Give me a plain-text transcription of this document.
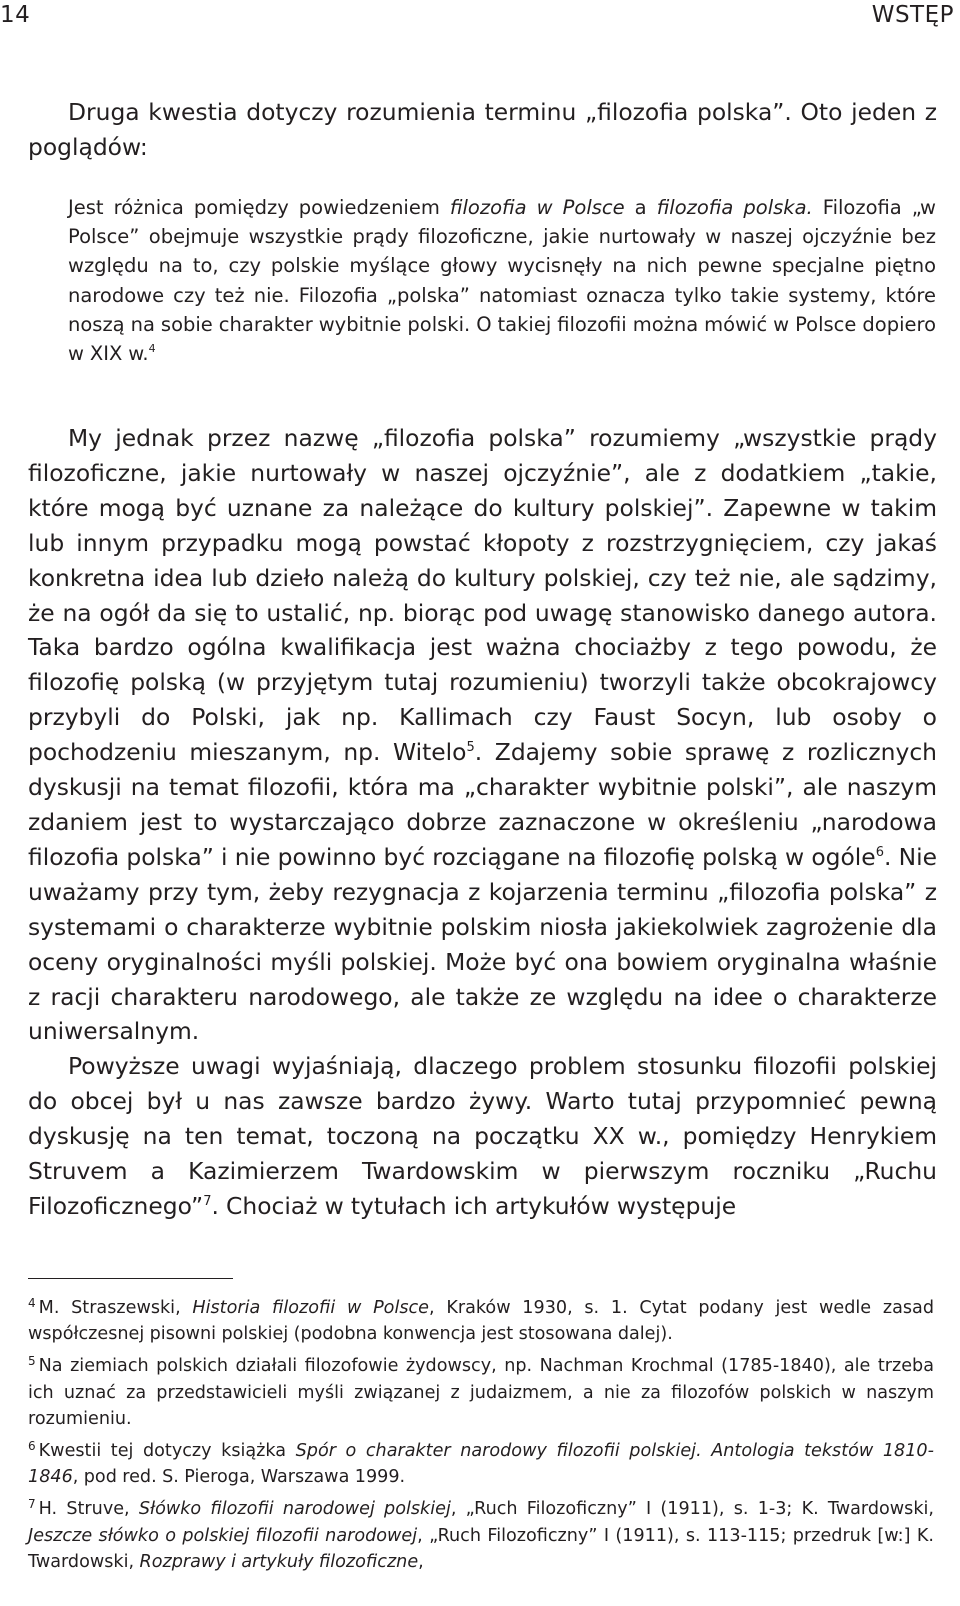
14	WSTĘP

Druga kwestia dotyczy rozumienia terminu „filozofia polska”. Oto jeden z poglądów:

Jest różnica pomiędzy powiedzeniem filozofia w Polsce a filozofia polska. Filozofia „w Polsce” obejmuje wszystkie prądy filozoficzne, jakie nurtowały w naszej ojczyźnie bez względu na to, czy polskie myślące głowy wycisnęły na nich pewne specjalne piętno narodowe czy też nie. Filozofia „polska” natomiast oznacza tylko takie systemy, które noszą na sobie charakter wybitnie polski. O takiej filozofii można mówić w Polsce dopiero w XIX w.$^4$

My jednak przez nazwę „filozofia polska” rozumiemy „wszystkie prądy filozoficzne, jakie nurtowały w naszej ojczyźnie”, ale z dodatkiem „takie, które mogą być uznane za należące do kultury polskiej”. Zapewne w takim lub innym przypadku mogą powstać kłopoty z rozstrzygnięciem, czy jakaś konkretna idea lub dzieło należą do kultury polskiej, czy też nie, ale sądzimy, że na ogół da się to ustalić, np. biorąc pod uwagę stanowisko danego autora. Taka bardzo ogólna kwalifikacja jest ważna chociażby z tego powodu, że filozofię polską (w przyjętym tutaj rozumieniu) tworzyli także obcokrajowcy przybyli do Polski, jak np. Kallimach czy Faust Socyn, lub osoby o pochodzeniu mieszanym, np. Witelo$^5$. Zdajemy sobie sprawę z rozlicznych dyskusji na temat filozofii, która ma „charakter wybitnie polski”, ale naszym zdaniem jest to wystarczająco dobrze zaznaczone w określeniu „narodowa filozofia polska” i nie powinno być rozciągane na filozofię polską w ogóle$^6$. Nie uważamy przy tym, żeby rezygnacja z kojarzenia terminu „filozofia polska” z systemami o charakterze wybitnie polskim niosła jakiekolwiek zagrożenie dla oceny oryginalności myśli polskiej. Może być ona bowiem oryginalna właśnie z racji charakteru narodowego, ale także ze względu na idee o charakterze uniwersalnym.

Powyższe uwagi wyjaśniają, dlaczego problem stosunku filozofii polskiej do obcej był u nas zawsze bardzo żywy. Warto tutaj przypomnieć pewną dyskusję na ten temat, toczoną na początku XX w., pomiędzy Henrykiem Struvem a Kazimierzem Twardowskim w pierwszym roczniku „Ruchu Filozoficznego”$^7$. Chociaż w tytułach ich artykułów występuje

$^4$ M. Straszewski, Historia filozofii w Polsce, Kraków 1930, s. 1. Cytat podany jest wedle zasad współczesnej pisowni polskiej (podobna konwencja jest stosowana dalej).

$^5$ Na ziemiach polskich działali filozofowie żydowscy, np. Nachman Krochmal (1785-1840), ale trzeba ich uznać za przedstawicieli myśli związanej z judaizmem, a nie za filozofów polskich w naszym rozumieniu.

$^6$ Kwestii tej dotyczy książka Spór o charakter narodowy filozofii polskiej. Antologia tekstów 1810-1846, pod red. S. Pieroga, Warszawa 1999.

$^7$ H. Struve, Słówko filozofii narodowej polskiej, „Ruch Filozoficzny” I (1911), s. 1-3; K. Twardowski, Jeszcze słówko o polskiej filozofii narodowej, „Ruch Filozoficzny” I (1911), s. 113-115; przedruk [w:] K. Twardowski, Rozprawy i artykuły filozoficzne,
